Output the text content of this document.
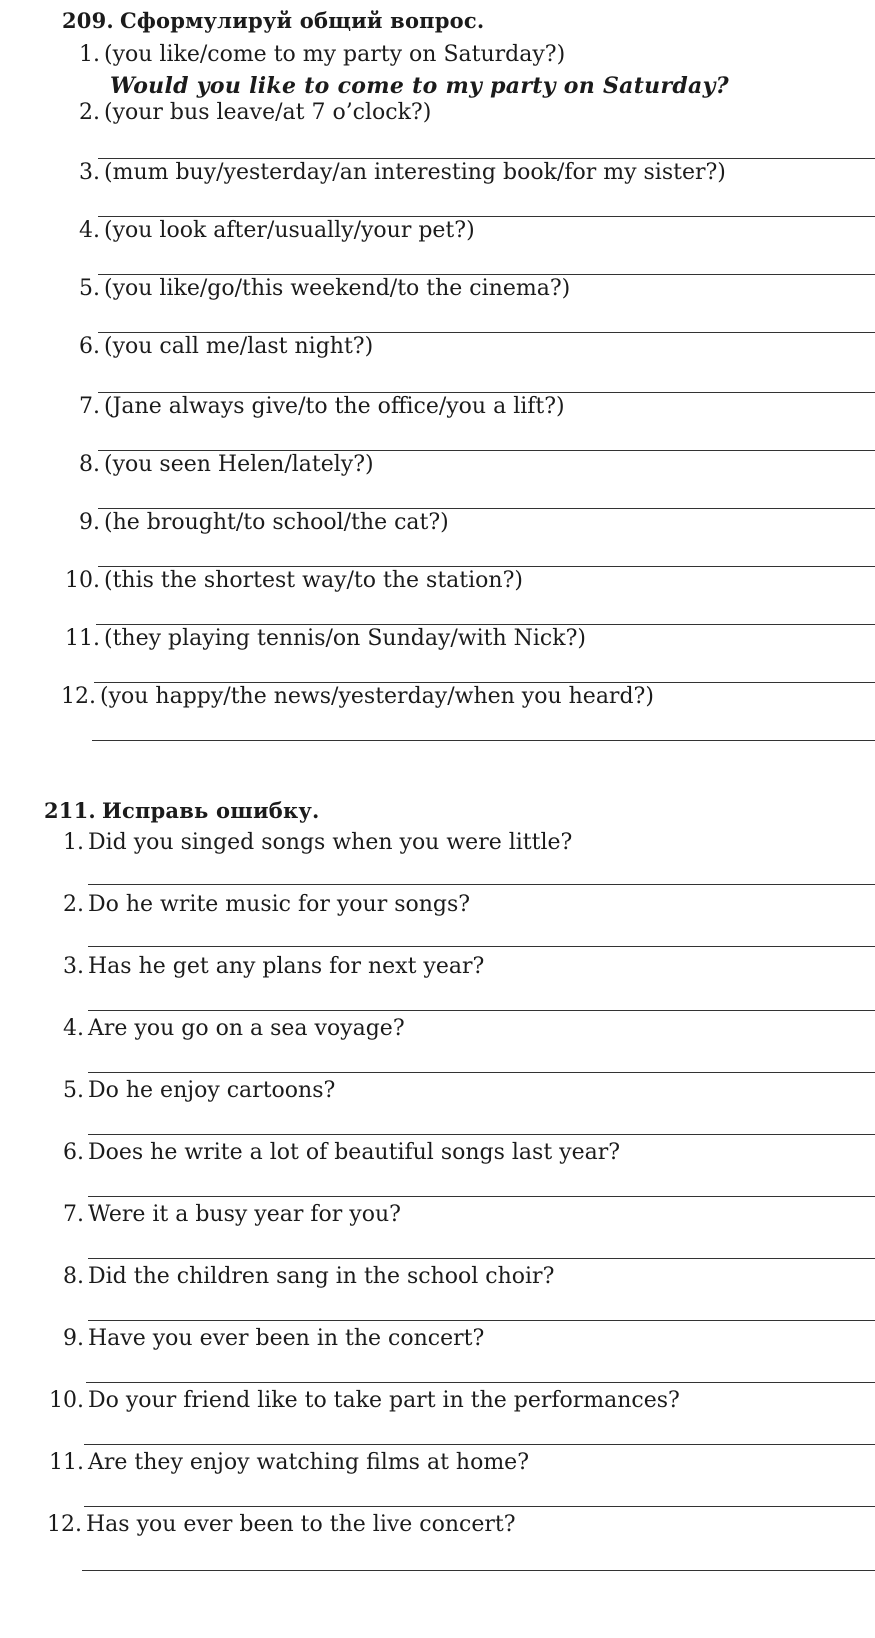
209. Сформулируй общий вопрос.
1. (you like/come to my party on Saturday?)
Would you like to come to my party on Saturday?
2. (your bus leave/at 7 o’clock?)
3. (mum buy/yesterday/an interesting book/for my sister?)
4. (you look after/usually/your pet?)
5. (you like/go/this weekend/to the cinema?)
6. (you call me/last night?)
7. (Jane always give/to the office/you a lift?)
8. (you seen Helen/lately?)
9. (he brought/to school/the cat?)
10. (this the shortest way/to the station?)
11. (they playing tennis/on Sunday/with Nick?)
12. (you happy/the news/yesterday/when you heard?)
211. Исправь ошибку.
1. Did you singed songs when you were little?
2. Do he write music for your songs?
3. Has he get any plans for next year?
4. Are you go on a sea voyage?
5. Do he enjoy cartoons?
6. Does he write a lot of beautiful songs last year?
7. Were it a busy year for you?
8. Did the children sang in the school choir?
9. Have you ever been in the concert?
10. Do your friend like to take part in the performances?
11. Are they enjoy watching films at home?
12. Has you ever been to the live concert?
